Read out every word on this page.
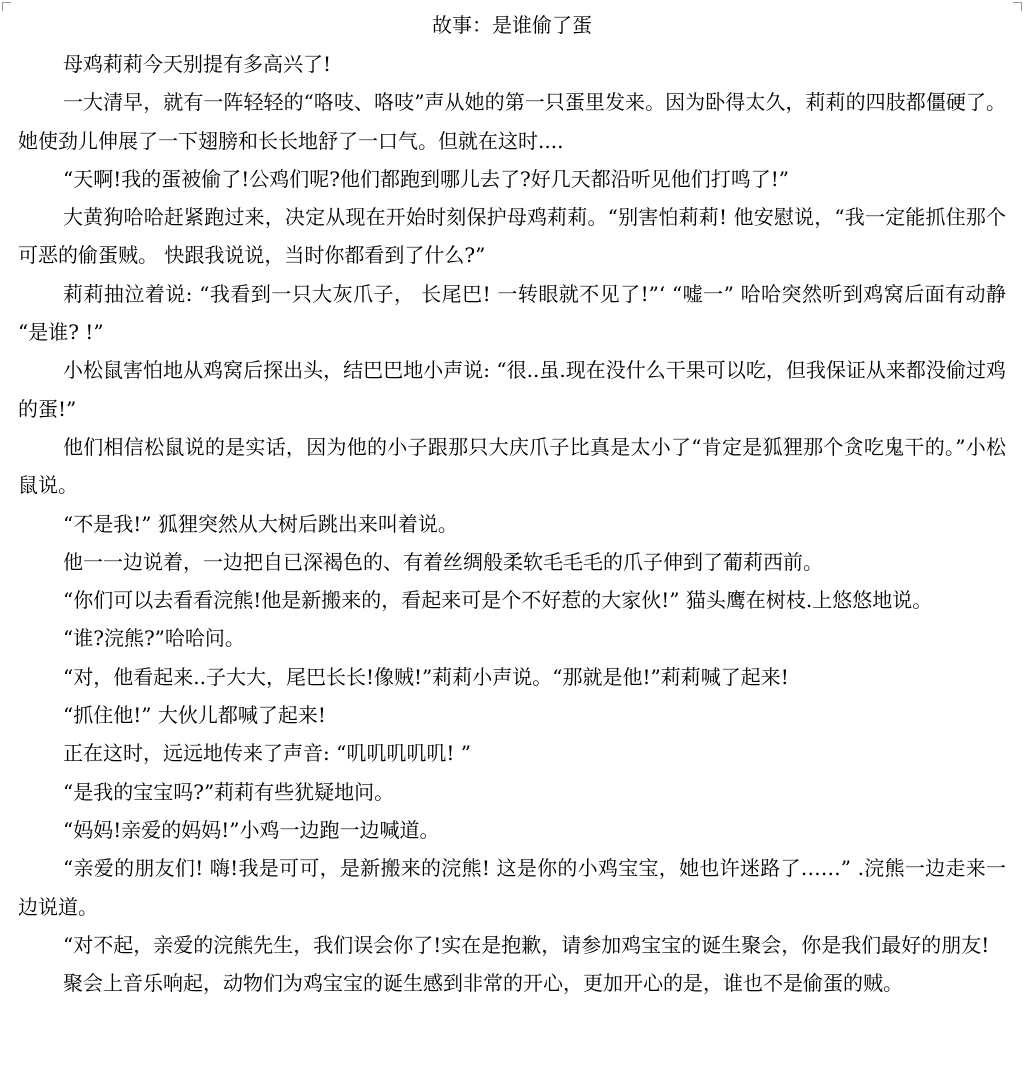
故事：是谁偷了蛋

母鸡莉莉今天别提有多高兴了!

一大清早，就有一阵轻轻的“咯吱、咯吱”声从她的第一只蛋里发来。因为卧得太久，莉莉的四肢都僵硬了。她使劲儿伸展了一下翅膀和长长地舒了一口气。但就在这时....

“天啊!我的蛋被偷了!公鸡们呢?他们都跑到哪儿去了?好几天都沿听见他们打鸣了!”

大黄狗哈哈赶紧跑过来，决定从现在开始时刻保护母鸡莉莉。“别害怕莉莉! 他安慰说，“我一定能抓住那个可恶的偷蛋贼。 快跟我说说，当时你都看到了什么?”

莉莉抽泣着说: “我看到一只大灰爪子， 长尾巴! 一转眼就不见了!”‘ “嘘一” 哈哈突然听到鸡窝后面有动静 “是谁? !”

小松鼠害怕地从鸡窝后探出头，结巴巴地小声说: “很..虽.现在没什么干果可以吃，但我保证从来都没偷过鸡的蛋!”

他们相信松鼠说的是实话，因为他的小子跟那只大庆爪子比真是太小了“肯定是狐狸那个贪吃鬼干的。”小松鼠说。

“不是我!” 狐狸突然从大树后跳出来叫着说。

他一一边说着，一边把自已深褐色的、有着丝绸般柔软毛毛毛的爪子伸到了葡莉西前。

“你们可以去看看浣熊!他是新搬来的，看起来可是个不好惹的大家伙!” 猫头鹰在树枝.上悠悠地说。

“谁?浣熊?”哈哈问。

“对，他看起来..子大大，尾巴长长!像贼!”莉莉小声说。“那就是他!”莉莉喊了起来!

“抓住他!” 大伙儿都喊了起来!

正在这时，远远地传来了声音: “叽叽叽叽叽! ”

“是我的宝宝吗?”莉莉有些犹疑地问。

“妈妈!亲爱的妈妈!”小鸡一边跑一边喊道。

“亲爱的朋友们! 嗨!我是可可，是新搬来的浣熊! 这是你的小鸡宝宝，她也许迷路了……” .浣熊一边走来一边说道。

“对不起，亲爱的浣熊先生，我们误会你了!实在是抱歉，请参加鸡宝宝的诞生聚会，你是我们最好的朋友!

聚会上音乐响起，动物们为鸡宝宝的诞生感到非常的开心，更加开心的是，谁也不是偷蛋的贼。
